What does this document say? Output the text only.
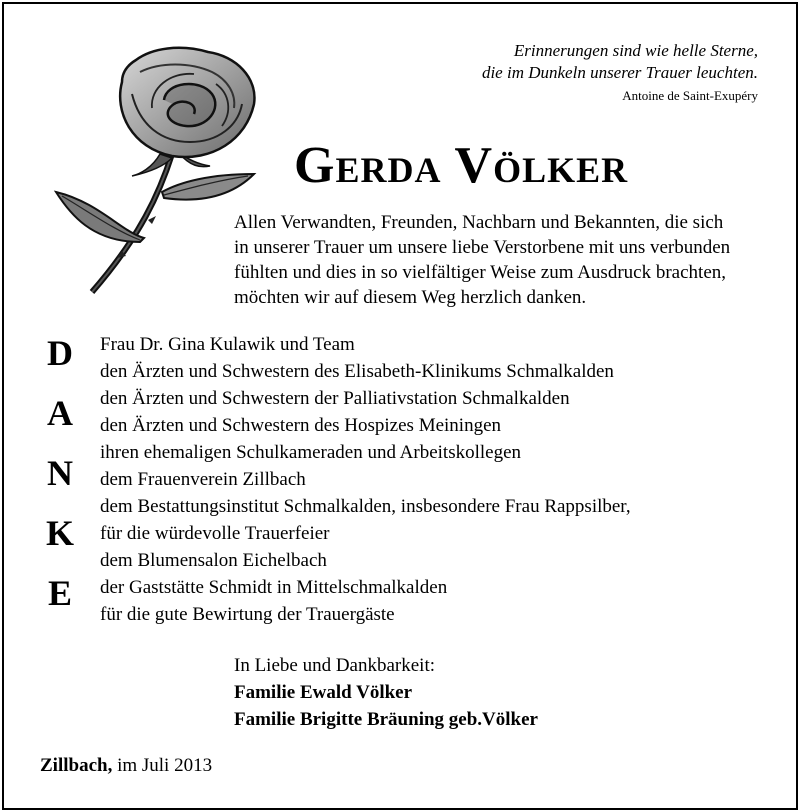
Erinnerungen sind wie helle Sterne,
die im Dunkeln unserer Trauer leuchten.
Antoine de Saint-Exupéry
Gerda Völker
Allen Verwandten, Freunden, Nachbarn und Bekannten, die sich
in unserer Trauer um unsere liebe Verstorbene mit uns verbunden
fühlten und dies in so vielfältiger Weise zum Ausdruck brachten,
möchten wir auf diesem Weg herzlich danken.
D
A
N
K
E
Frau Dr. Gina Kulawik und Team
den Ärzten und Schwestern des Elisabeth-Klinikums Schmalkalden
den Ärzten und Schwestern der Palliativstation Schmalkalden
den Ärzten und Schwestern des Hospizes Meiningen
ihren ehemaligen Schulkameraden und Arbeitskollegen
dem Frauenverein Zillbach
dem Bestattungsinstitut Schmalkalden, insbesondere Frau Rappsilber,
für die würdevolle Trauerfeier
dem Blumensalon Eichelbach
der Gaststätte Schmidt in Mittelschmalkalden
für die gute Bewirtung der Trauergäste
In Liebe und Dankbarkeit:
Familie Ewald Völker
Familie Brigitte Bräuning geb.Völker
Zillbach, im Juli 2013
